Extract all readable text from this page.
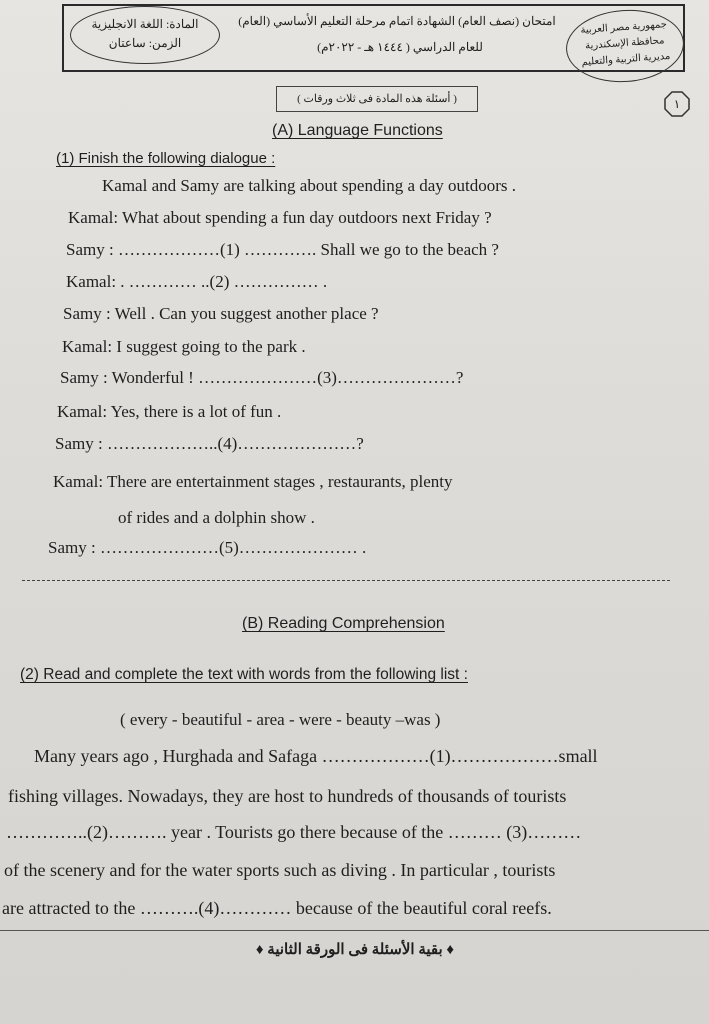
المادة: اللغة الانجليزية
الزمن: ساعتان
امتحان (نصف العام) الشهادة اتمام مرحلة التعليم الأساسي (العام)
للعام الدراسي ( ١٤٤٤ هـ - ٢٠٢٢م)
جمهورية مصر العربية
محافظة الإسكندرية
مديرية التربية والتعليم
( أسئلة هذه المادة فى ثلاث ورقات )	١
(A) Language Functions
(1) Finish the following dialogue :
Kamal and Samy are talking about spending a day outdoors .
Kamal: What about spending a fun day outdoors next Friday ?
Samy : ………………(1) …………. Shall we go to the beach ?
Kamal: . ………… ..(2) …………… .
Samy : Well . Can you suggest another place ?
Kamal: I suggest going to the park .
Samy : Wonderful ! …………………(3)…………………?
Kamal: Yes, there is a lot of fun .
Samy : ………………..(4)…………………?
Kamal: There are entertainment stages , restaurants, plenty
of rides and a dolphin show .
Samy : …………………(5)………………… .
(B) Reading Comprehension
(2) Read and complete the text with words from the following list :
( every - beautiful - area - were - beauty –was )
Many years ago , Hurghada and Safaga ………………(1)………………small
fishing villages. Nowadays, they are host to hundreds of thousands of tourists
…………..(2)………. year . Tourists go there because of the ……… (3)………
of the scenery and for the water sports such as diving . In particular , tourists
are attracted to the ……….(4)………… because of the beautiful coral reefs.
♦ بقية الأسئلة فى الورقة الثانية ♦
